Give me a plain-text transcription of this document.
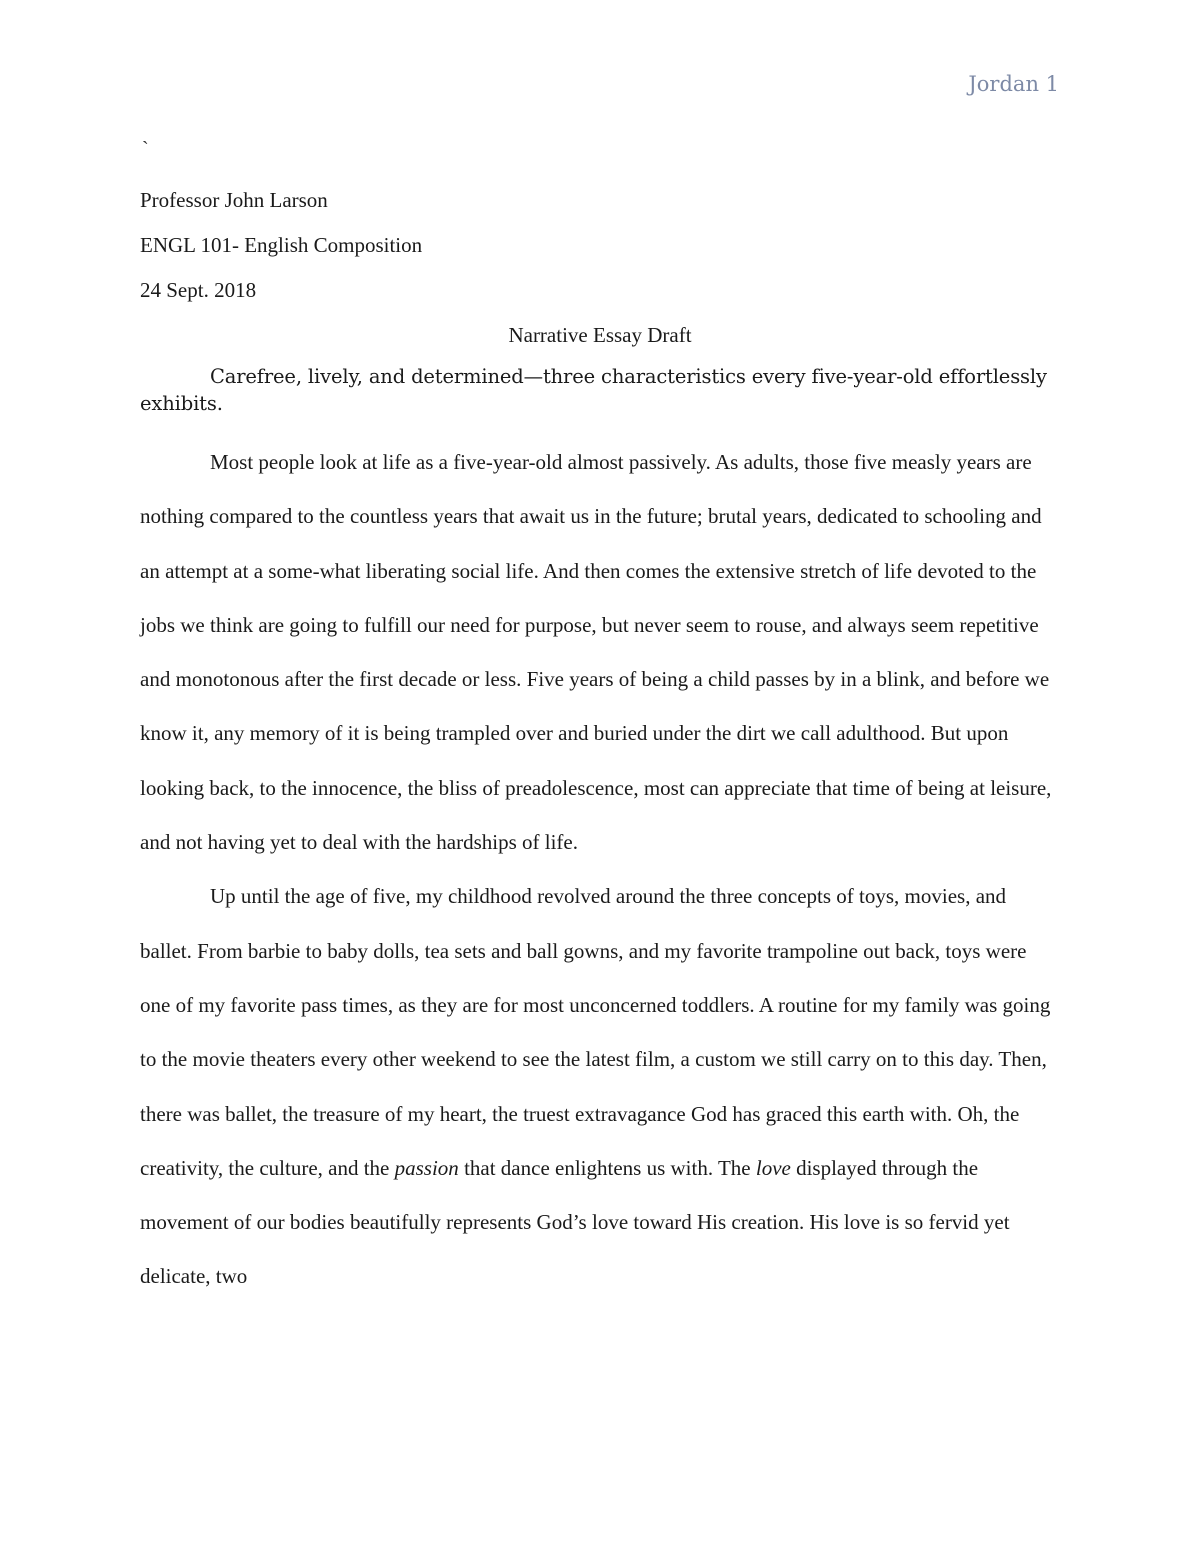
Jordan 1
`

Professor John Larson

ENGL 101- English Composition

24 Sept. 2018

Narrative Essay Draft

Carefree, lively, and determined—three characteristics every five-year-old effortlessly exhibits.

Most people look at life as a five-year-old almost passively. As adults, those five measly years are nothing compared to the countless years that await us in the future; brutal years, dedicated to schooling and an attempt at a some-what liberating social life. And then comes the extensive stretch of life devoted to the jobs we think are going to fulfill our need for purpose, but never seem to rouse, and always seem repetitive and monotonous after the first decade or less. Five years of being a child passes by in a blink, and before we know it, any memory of it is being trampled over and buried under the dirt we call adulthood. But upon looking back, to the innocence, the bliss of preadolescence, most can appreciate that time of being at leisure, and not having yet to deal with the hardships of life.

Up until the age of five, my childhood revolved around the three concepts of toys, movies, and ballet. From barbie to baby dolls, tea sets and ball gowns, and my favorite trampoline out back, toys were one of my favorite pass times, as they are for most unconcerned toddlers. A routine for my family was going to the movie theaters every other weekend to see the latest film, a custom we still carry on to this day. Then, there was ballet, the treasure of my heart, the truest extravagance God has graced this earth with. Oh, the creativity, the culture, and the passion that dance enlightens us with. The love displayed through the movement of our bodies beautifully represents God’s love toward His creation. His love is so fervid yet delicate, two
